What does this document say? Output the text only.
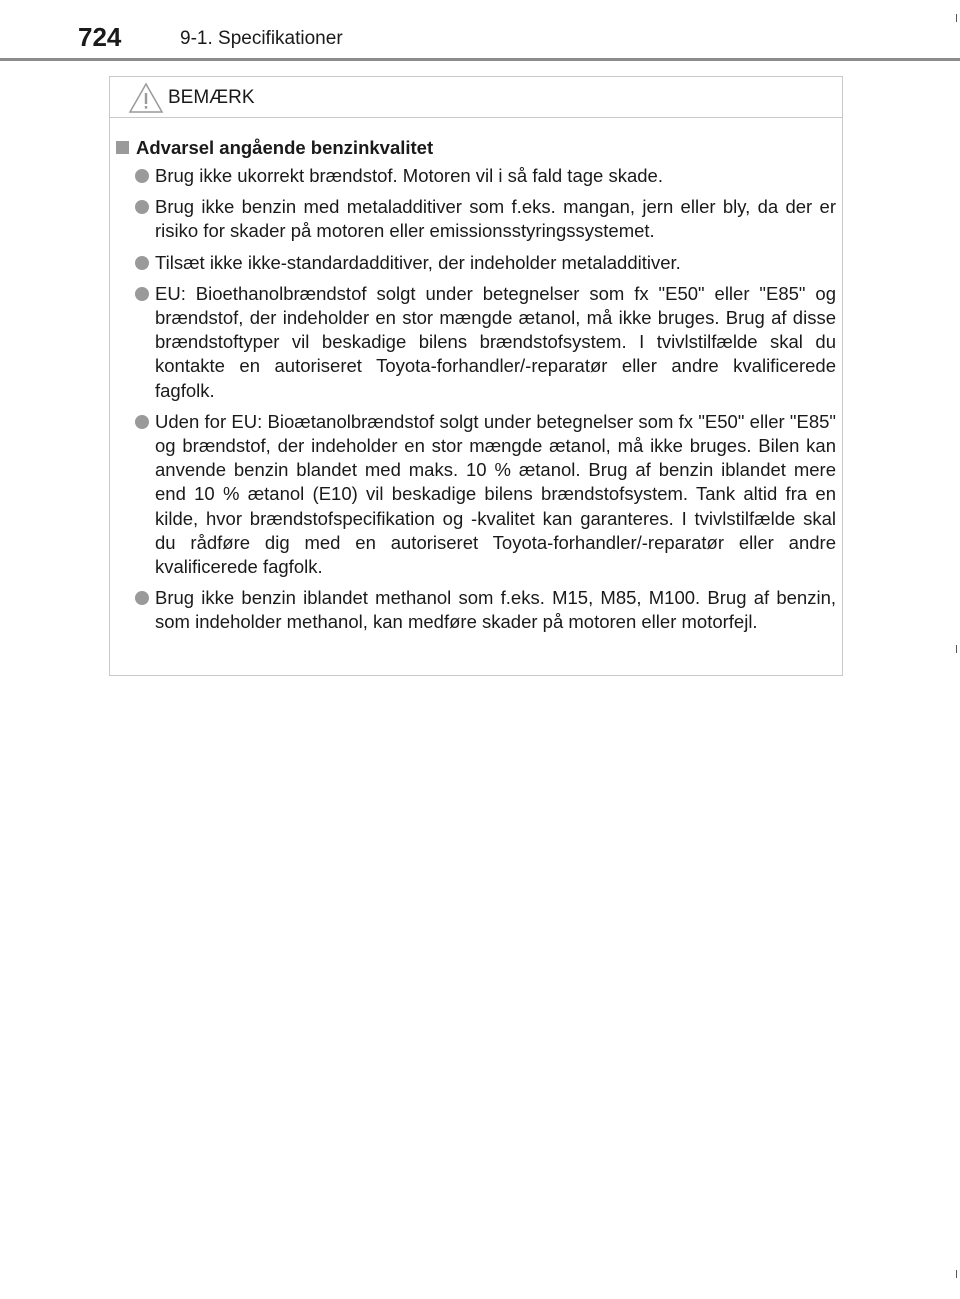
724	9-1. Specifikationer
BEMÆRK
Advarsel angående benzinkvalitet
Brug ikke ukorrekt brændstof. Motoren vil i så fald tage skade.
Brug ikke benzin med metaladditiver som f.eks. mangan, jern eller bly, da der er risiko for skader på motoren eller emissionsstyringssystemet.
Tilsæt ikke ikke-standardadditiver, der indeholder metaladditiver.
EU: Bioethanolbrændstof solgt under betegnelser som fx "E50" eller "E85" og brændstof, der indeholder en stor mængde ætanol, må ikke bruges. Brug af disse brændstoftyper vil beskadige bilens brændstofsystem. I tvivlstilfælde skal du kontakte en autoriseret Toyota-forhandler/-reparatør eller andre kvalificerede fagfolk.
Uden for EU: Bioætanolbrændstof solgt under betegnelser som fx "E50" eller "E85" og brændstof, der indeholder en stor mængde ætanol, må ikke bruges. Bilen kan anvende benzin blandet med maks. 10 % ætanol. Brug af benzin iblandet mere end 10 % ætanol (E10) vil beskadige bilens brændstofsystem. Tank altid fra en kilde, hvor brændstofspecifikation og -kvalitet kan garanteres. I tvivlstilfælde skal du rådføre dig med en autoriseret Toyota-forhandler/-reparatør eller andre kvalificerede fagfolk.
Brug ikke benzin iblandet methanol som f.eks. M15, M85, M100. Brug af benzin, som indeholder methanol, kan medføre skader på motoren eller motorfejl.
